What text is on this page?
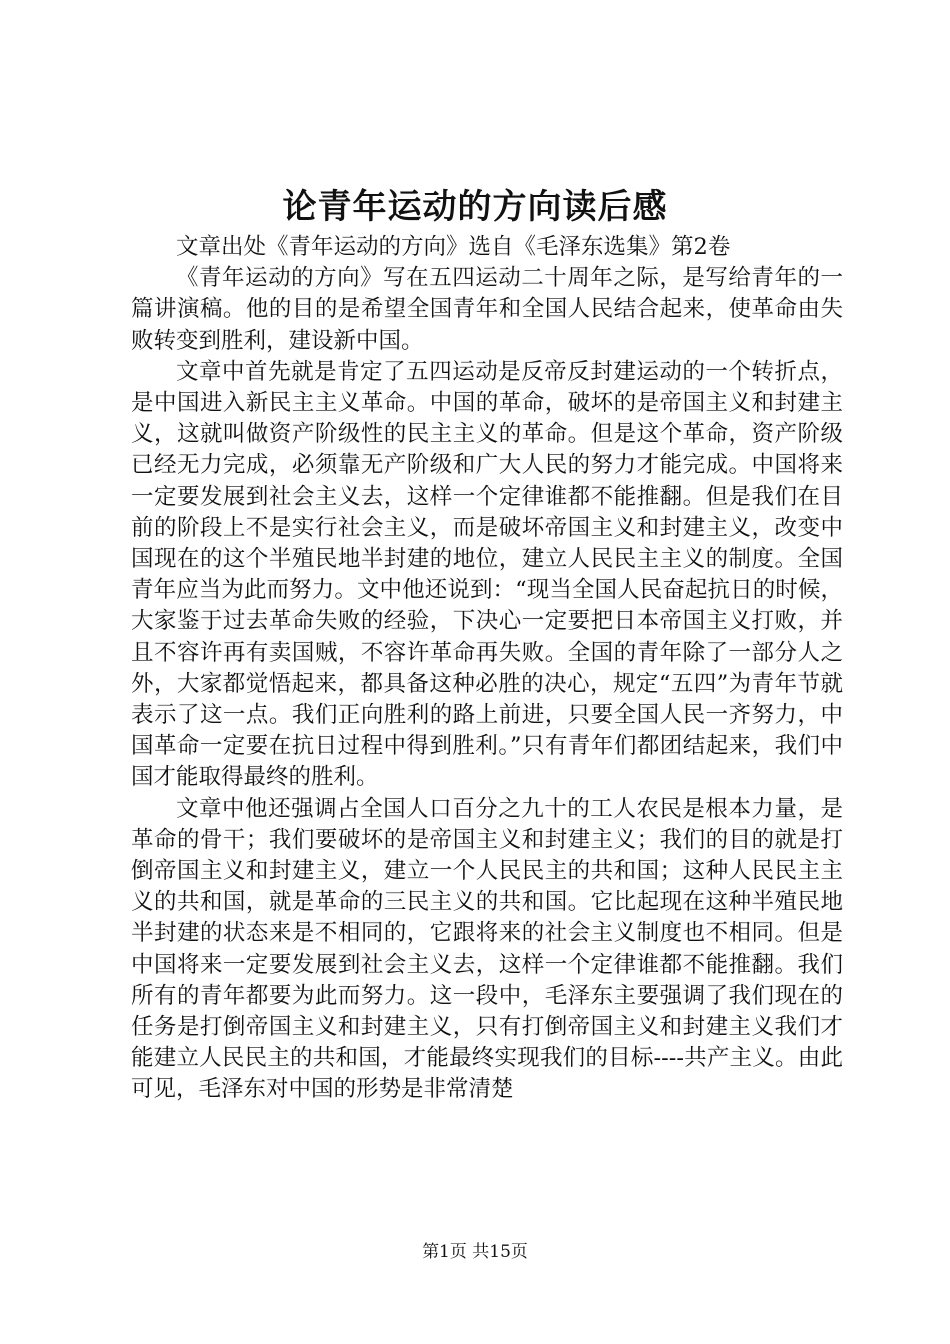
论青年运动的方向读后感

文章出处《青年运动的方向》选自《毛泽东选集》第2卷

《青年运动的方向》写在五四运动二十周年之际，是写给青年的一篇讲演稿。他的目的是希望全国青年和全国人民结合起来，使革命由失败转变到胜利，建设新中国。

文章中首先就是肯定了五四运动是反帝反封建运动的一个转折点，是中国进入新民主主义革命。中国的革命，破坏的是帝国主义和封建主义，这就叫做资产阶级性的民主主义的革命。但是这个革命，资产阶级已经无力完成，必须靠无产阶级和广大人民的努力才能完成。中国将来一定要发展到社会主义去，这样一个定律谁都不能推翻。但是我们在目前的阶段上不是实行社会主义，而是破坏帝国主义和封建主义，改变中国现在的这个半殖民地半封建的地位，建立人民民主主义的制度。全国青年应当为此而努力。文中他还说到：“现当全国人民奋起抗日的时候，大家鉴于过去革命失败的经验，下决心一定要把日本帝国主义打败，并且不容许再有卖国贼，不容许革命再失败。全国的青年除了一部分人之外，大家都觉悟起来，都具备这种必胜的决心，规定“五四”为青年节就表示了这一点。我们正向胜利的路上前进，只要全国人民一齐努力，中国革命一定要在抗日过程中得到胜利。”只有青年们都团结起来，我们中国才能取得最终的胜利。

文章中他还强调占全国人口百分之九十的工人农民是根本力量，是革命的骨干；我们要破坏的是帝国主义和封建主义；我们的目的就是打倒帝国主义和封建主义，建立一个人民民主的共和国；这种人民民主主义的共和国，就是革命的三民主义的共和国。它比起现在这种半殖民地半封建的状态来是不相同的，它跟将来的社会主义制度也不相同。但是中国将来一定要发展到社会主义去，这样一个定律谁都不能推翻。我们所有的青年都要为此而努力。这一段中，毛泽东主要强调了我们现在的任务是打倒帝国主义和封建主义，只有打倒帝国主义和封建主义我们才能建立人民民主的共和国，才能最终实现我们的目标----共产主义。由此可见，毛泽东对中国的形势是非常清楚

第1页 共15页
